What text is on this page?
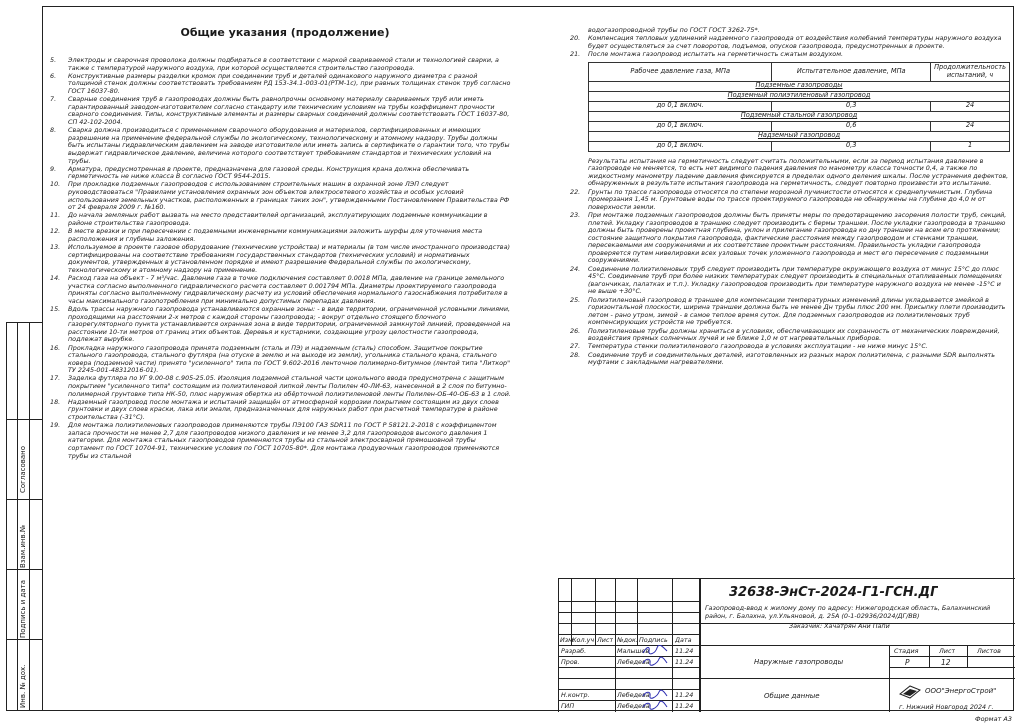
Согласовано
Взам.инв.№
Подпись и дата
Инв. № дох.
Общие указания (продолжение)
5.	Электроды и сварочная проволока должны подбираться в соответствии с маркой свариваемой стали и технологией сварки, а также с температурой наружного воздуха, при которой осуществляется строительство газопровода.
6.	Конструктивные размеры разделки кромок при соединении труб и деталей одинакового наружного диаметра с разной толщиной стенок должны соответствовать требованиям РД 153-34.1-003-01(РТМ-1с), при равных толщинах стенок труб согласно ГОСТ 16037-80.
7.	Сварные соединения труб в газопроводах должны быть равнопрочны основному материалу свариваемых труб или иметь гарантированный заводом-изготовителем согласно стандарту или техническим условиям на трубы коэффициент прочности сварного соединения. Типы, конструктивные элементы и размеры сварных соединений должны соответствовать ГОСТ 16037-80, СП 42-102-2004.
8.	Сварка должна производиться с применением сварочного оборудования и материалов, сертифицированных и имеющих разрешение на применение федеральной службы по экологическому, технологическому и атомному надзору. Трубы должны быть испытаны гидравлическим давлением на заводе изготовителе или иметь запись в сертификате о гарантии того, что трубы выдержат гидравлическое давление, величина которого соответствует требованиям стандартов и технических условий на трубы.
9.	Арматура, предусмотренная в проекте, предназначена для газовой среды. Конструкция крана должна обеспечивать герметичность не ниже класса В согласно ГОСТ 9544-2015.
10.	При прокладке подземных газопроводов с использованием строительных машин в охранной зоне ЛЭП следует руководствоваться "Правилами установления охранных зон объектов электросетевого хозяйства и особых условий использования земельных участков, расположенных в границах таких зон", утвержденными Постановлением Правительства РФ от 24 февраля 2009 г. №160.
11.	До начала земляных работ вызвать на место представителей организаций, эксплуатирующих подземные коммуникации в районе строительства газопровода.
12.	В месте врезки и при пересечении с подземными инженерными коммуникациями заложить шурфы для уточнения места расположения и глубины заложения.
13.	Используемое в проекте газовое оборудование (технические устройства) и материалы (в том числе иностранного производства) сертифицированы на соответствие требованиям государственных стандартов (технических условий) и нормативных документов, утвержденных в установленном порядке и имеют разрешение Федеральной службы по экологическому, технологическому и атомному надзору на применение.
14.	Расход газа на объект - 7 м³/час. Давление газа в точке подключения составляет 0.0018 МПа, давление на границе земельного участка согласно выполненного гидравлического расчета составляет 0.001794 МПа. Диаметры проектируемого газопровода приняты согласно выполненному гидравлическому расчету из условий обеспечения нормального газоснабжения потребителя в часы максимального газопотребления при минимально допустимых перепадах давления.
15.	Вдоль трассы наружного газопровода устанавливаются охранные зоны: - в виде территории, ограниченной условными линиями, проходящими на расстоянии 2-х метров с каждой стороны газопровода; - вокруг отдельно стоящего блочного газорегуляторного пункта устанавливается охранная зона в виде территории, ограниченной замкнутой линией, проведенной на расстоянии 10-ти метров от границ этих объектов. Деревья и кустарники, создающие угрозу целостности газопровода, подлежат вырубке.
16.	Прокладка наружного газопровода принята подземным (сталь и ПЭ) и надземным (сталь) способом. Защитное покрытие стального газопровода, стального футляра (на отуске в землю и на выходе из земли), угольника стального крана, стального ковера (подземной части) принято "усиленного" типа по ГОСТ 9.602-2016 ленточное полимерно-битумное (лентой типа "Литкор" ТУ 2245-001-48312016-01).
17.	Заделка футляра по УГ 9.00-08 с.905-25.05. Изоляция подземной стальной части цокольного ввода предусмотрена с защитным покрытием "усиленного типа" состоящим из полиэтиленовой липкой ленты Полилен 40-ЛИ-63, нанесенной в 2 слоя по битумно-полимерной грунтовке типа НК-50, плюс наружная обертка из обёрточной полиэтиленовой ленты Полилен-ОБ-40-ОБ-63 в 1 слой.
18.	Надземный газопровод после монтажа и испытаний защищён от атмосферной коррозии покрытием состоящим из двух слоев грунтовки и двух слоев краски, лака или эмали, предназначенных для наружных работ при расчетной температуре в районе строительства (-31°С).
19.	Для монтажа полиэтиленовых газопроводов применяются трубы ПЭ100 ГАЗ SDR11 по ГОСТ Р 58121.2-2018 с коэффициентом запаса прочности не менее 2,7 для газопроводов низкого давления и не менее 3,2 для газопроводов высокого давления 1 категории. Для монтажа стальных газопроводов применяются трубы из стальной электросварной прямошовной трубы сортамент по ГОСТ 10704-91, технические условия по ГОСТ 10705-80*. Для монтажа продувочных газопроводов применяются трубы из стальной
водогазопроводной трубы по ГОСТ ГОСТ 3262-75*.
20.	Компенсация тепловых удлинений надземного газопровода от воздействия колебаний температуры наружного воздуха будет осуществляться за счет поворотов, подъемов, опусков газопровода, предусмотренных в проекте.
21.	После монтажа газопровод испытать на герметичность сжатым воздухом.
Рабочее давление газа, МПа	Испытательное давление, МПа	Продолжительность испытаний, ч
Подземные газопроводы		
Подземный полиэтиленовый газопровод		
до 0,1 включ.	0,3	24
Подземный стальной газопровод		
до 0,1 включ.	0,6	24
Надземный газопровод		
до 0,1 включ.	0,3	1
Результаты испытания на герметичность следует считать положительными, если за период испытания давление в газопроводе не меняется, то есть нет видимого падения давления по манометру класса точности 0,4, а также по жидкостному манометру падение давления фиксируется в пределах одного деления шкалы. После устранения дефектов, обнаруженных в результате испытания газопровода на герметичность, следует повторно произвести это испытание.
22.	Грунты по трассе газопровода относятся по степени морозной пучинистости относятся к среднепучинистым. Глубина промерзания 1,45 м. Грунтовые воды по трассе проектируемого газопровода не обнаружены на глубине до 4,0 м от поверхности земли.
23.	При монтаже подземных газопроводов должны быть приняты меры по предотвращению засорения полости труб, секций, плетей. Укладку газопроводов в траншею следует производить с бермы траншеи. После укладки газопровода в траншею должны быть проверены проектная глубина, уклон и прилегание газопровода ко дну траншеи на всем его протяжении; состояние защитного покрытия газопровода, фактические расстояния между газопроводом и стенками траншеи, пересекаемыми им сооружениями и их соответствие проектным расстояниям. Правильность укладки газопровода проверяется путем нивелировки всех узловых точек уложенного газопровода и мест его пересечения с подземными сооружениями.
24.	Соединение полиэтиленовых труб следует производить при температуре окружающего воздуха от минус 15°С до плюс 45°С. Соединение труб при более низких температурах следует производить в специальных отапливаемых помещениях (вагончиках, палатках и т.п.). Укладку газопроводов производить при температуре наружного воздуха не менее -15°С и не выше +30°С.
25.	Полиэтиленовый газопровод в траншее для компенсации температурных изменений длины укладывается змейкой в горизонтальной плоскости, ширина траншеи должна быть не менее Дн трубы плюс 200 мм. Присыпку плети производить летом - рано утром, зимой - в самое теплое время суток. Для подземных газопроводов из полиэтиленовых труб компенсирующих устройств не требуется.
26.	Полиэтиленовые трубы должны храниться в условиях, обеспечивающих их сохранность от механических повреждений, воздействия прямых солнечных лучей и не ближе 1,0 м от нагревательных приборов.
27.	Температура стенки полиэтиленового газопровода в условиях эксплуатации - не ниже минус 15°С.
28.	Соединение труб и соединительных деталей, изготовленных из разных марок полиэтилена, с разными SDR выполнять муфтами с закладными нагревателями.
32638-ЭнСт-2024-Г1-ГСН.ДГ
Газопровод-ввод к жилому дому по адресу: Нижегородская область, Балахнинский район, г. Балахна, ул.Ульяновой, д. 25А (0-1-02936/2024/ДГ/ВВ)
Заказчик: Хачатрян Ани Папи
Изм.
Кол.уч Лист №док. Подпись Дата
Разраб.	Малышев	11.24
Пров.	Лебедева	11.24
Н.контр.	Лебедева	11.24
ГИП	Лебедева	11.24
Наружные газопроводы
Стадия	Лист	Листов
Р	12
Общие данные
ООО"ЭнергоСтрой"
г. Нижний Новгород 2024 г.
Формат А3
